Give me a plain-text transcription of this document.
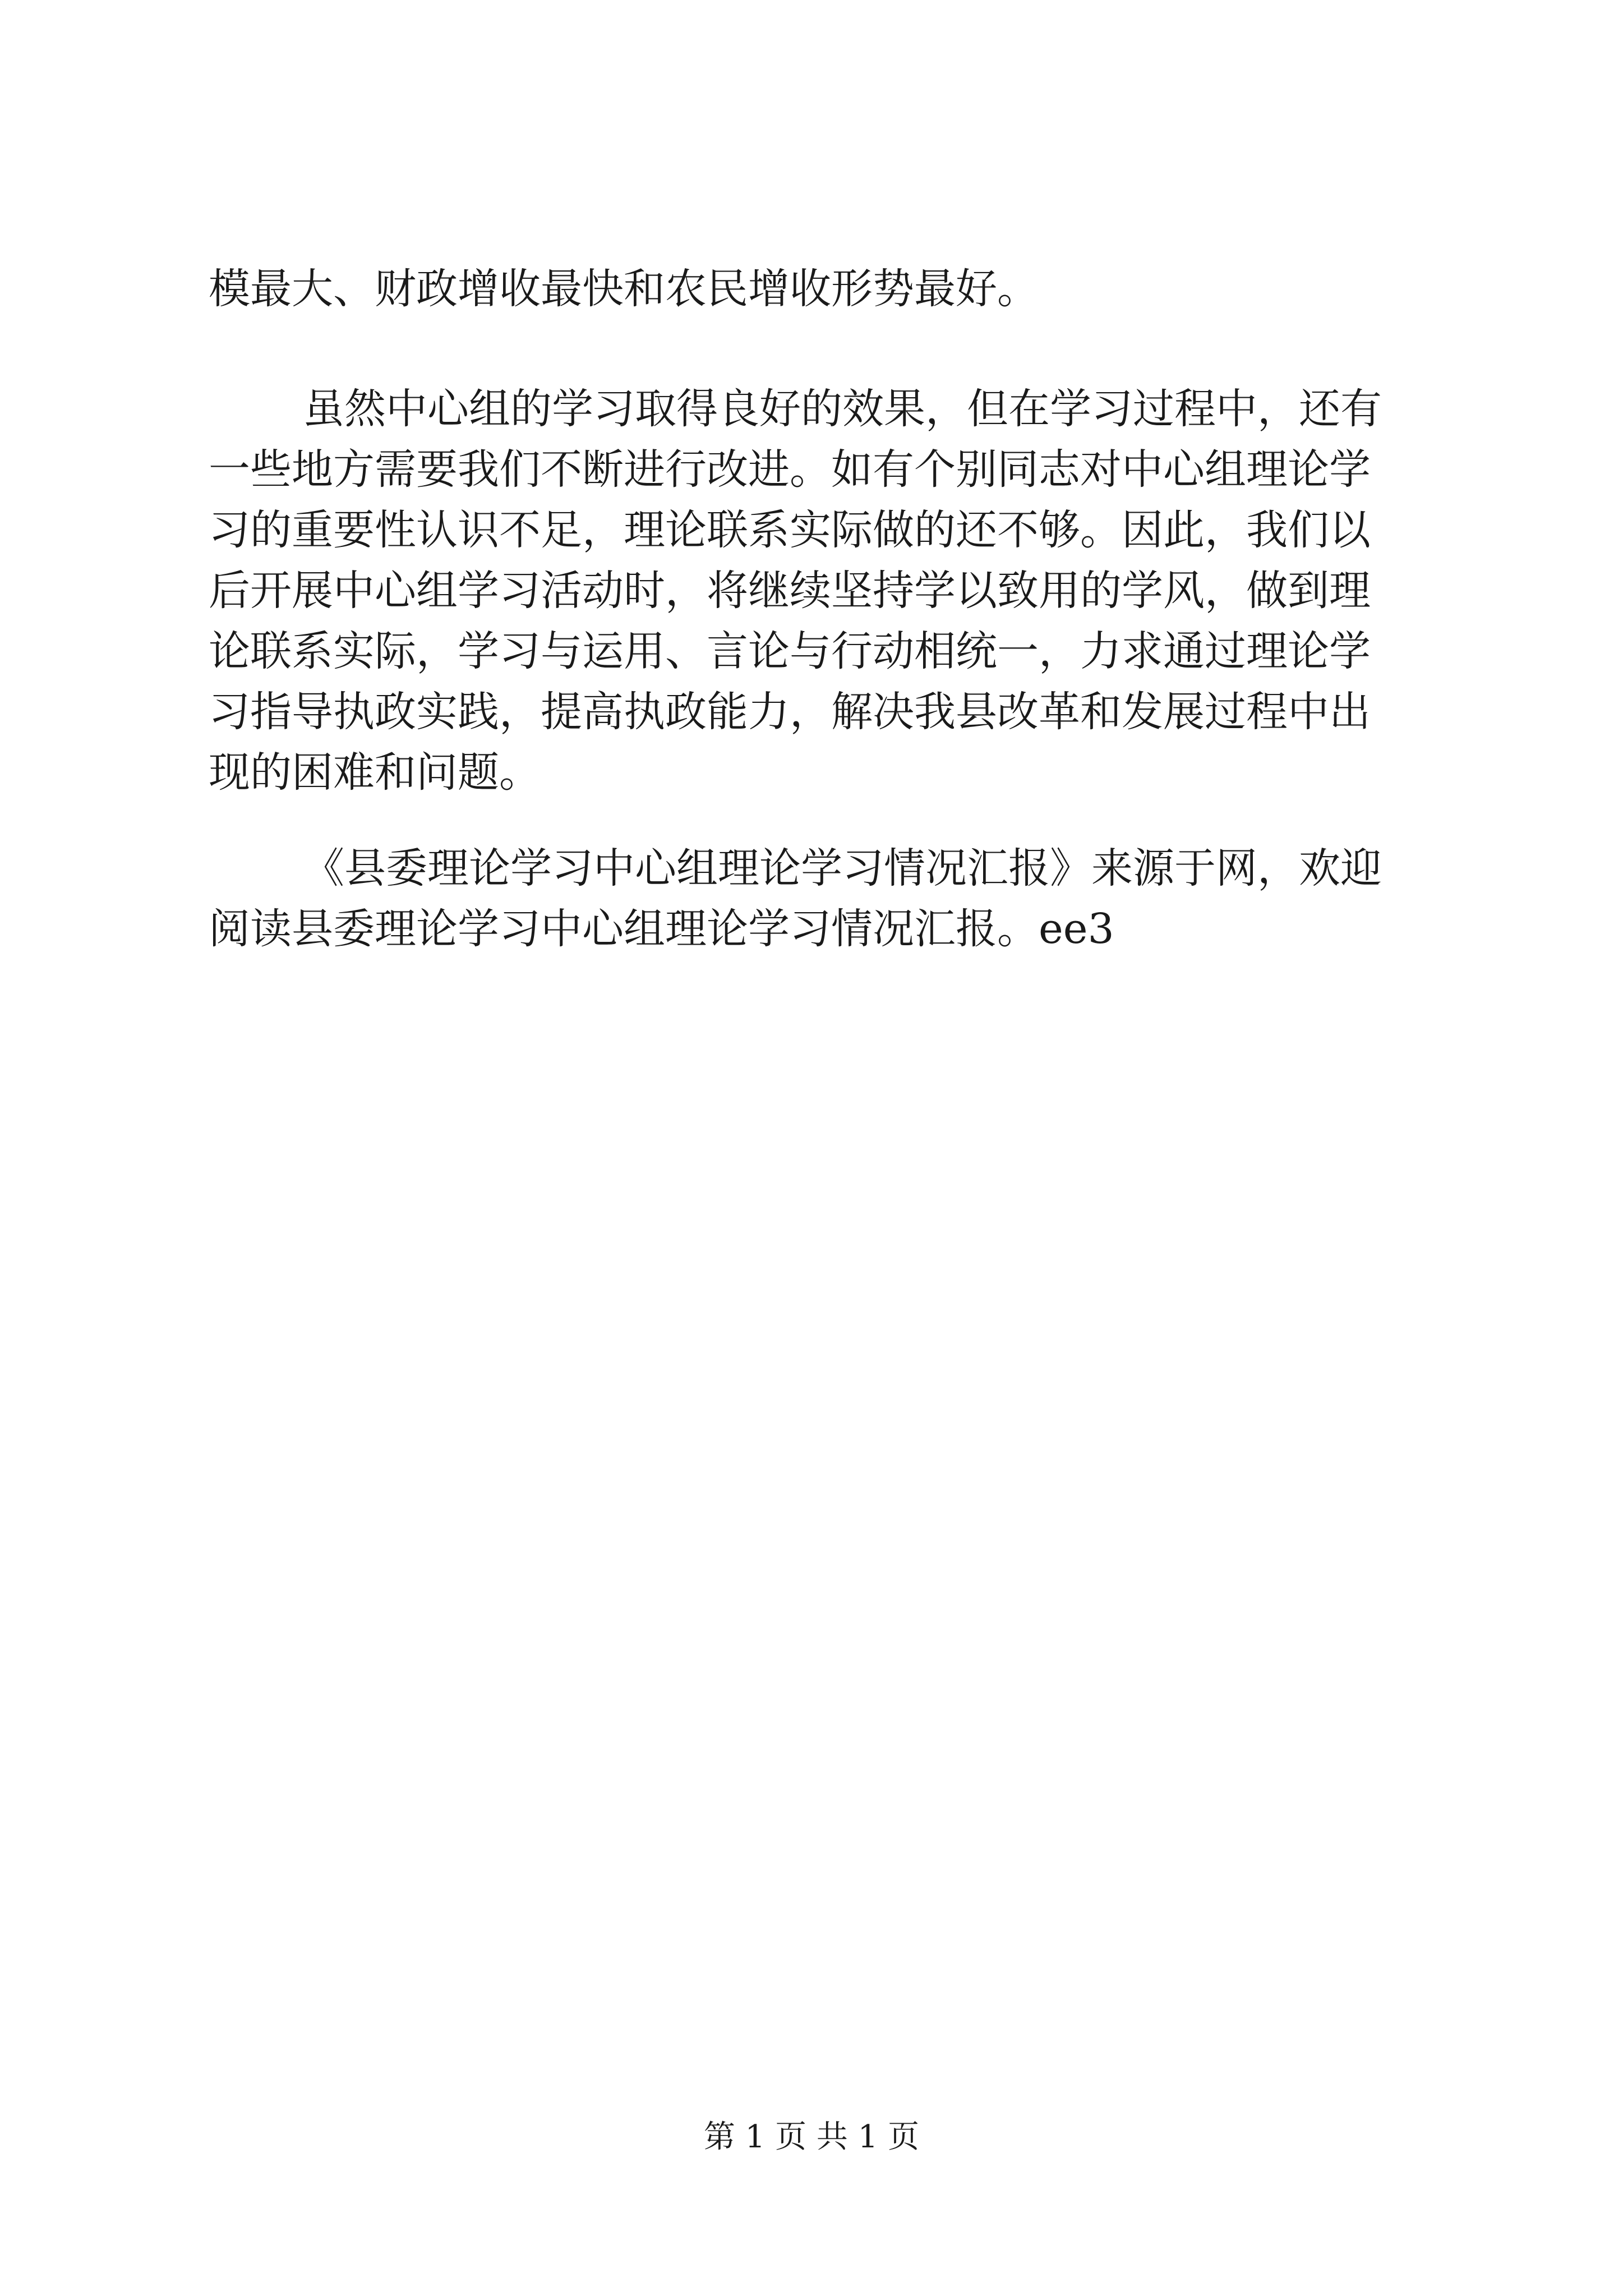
模最大、财政增收最快和农民增收形势最好。
虽然中心组的学习取得良好的效果，但在学习过程中，还有
一些地方需要我们不断进行改进。如有个别同志对中心组理论学
习的重要性认识不足，理论联系实际做的还不够。因此，我们以
后开展中心组学习活动时，将继续坚持学以致用的学风，做到理
论联系实际，学习与运用、言论与行动相统一，力求通过理论学
习指导执政实践，提高执政能力，解决我县改革和发展过程中出
现的困难和问题。
《县委理论学习中心组理论学习情况汇报》来源于网，欢迎
阅读县委理论学习中心组理论学习情况汇报。ee3
第 1 页 共 1 页
